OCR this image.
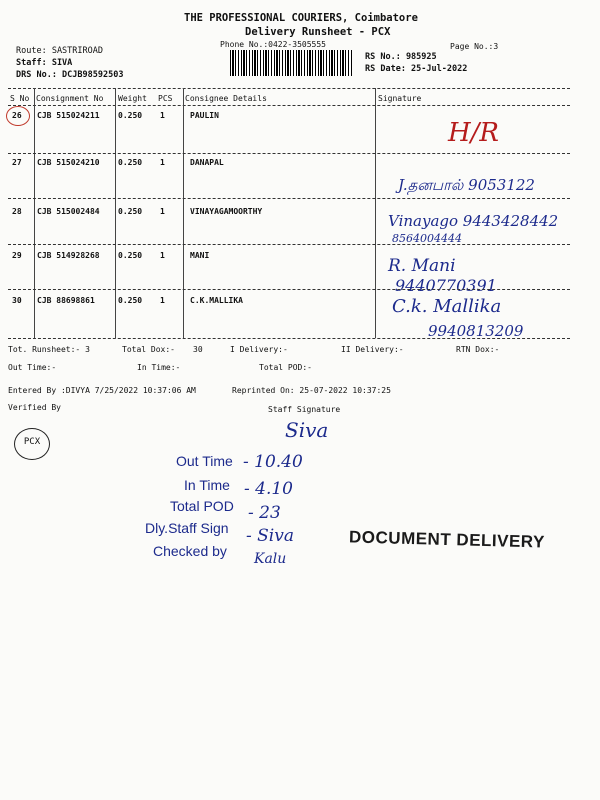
THE PROFESSIONAL COURIERS, Coimbatore
Delivery Runsheet - PCX
Phone No.:0422-3505555	Page No.:3
Route: SASTRIROAD
Staff: SIVA
DRS No.: DCJB98592503
RS No.: 985925
RS Date: 25-Jul-2022
S No Consignment No Weight PCS Consignee Details	Signature
26 CJB 515024211 0.250 1	PAULIN
H/R
27 CJB 515024210 0.250 1	DANAPAL
J.தனபால் 9053122
28 CJB 515002484 0.250 1	VINAYAGAMOORTHY
Vinayago 9443428442
8564004444
29 CJB 514928268 0.250 1	MANI
R. Mani
9440770391
30 CJB 88698861	0.250 1	C.K.MALLIKA	C.k. Mallika
9940813209
Tot. Runsheet:- 3	Total Dox:- 30	I Delivery:-	II Delivery:-	RTN Dox:-
Out Time:-	In Time:-	Total POD:-
Entered By :DIVYA 7/25/2022 10:37:06 AM	Reprinted On: 25-07-2022 10:37:25
Verified By	Staff Signature
Siva
PCX
Out Time - 10.40
In Time - 4.10
Total POD - 23
Dly.Staff Sign - Siva
Checked by Kalu
DOCUMENT DELIVERY
